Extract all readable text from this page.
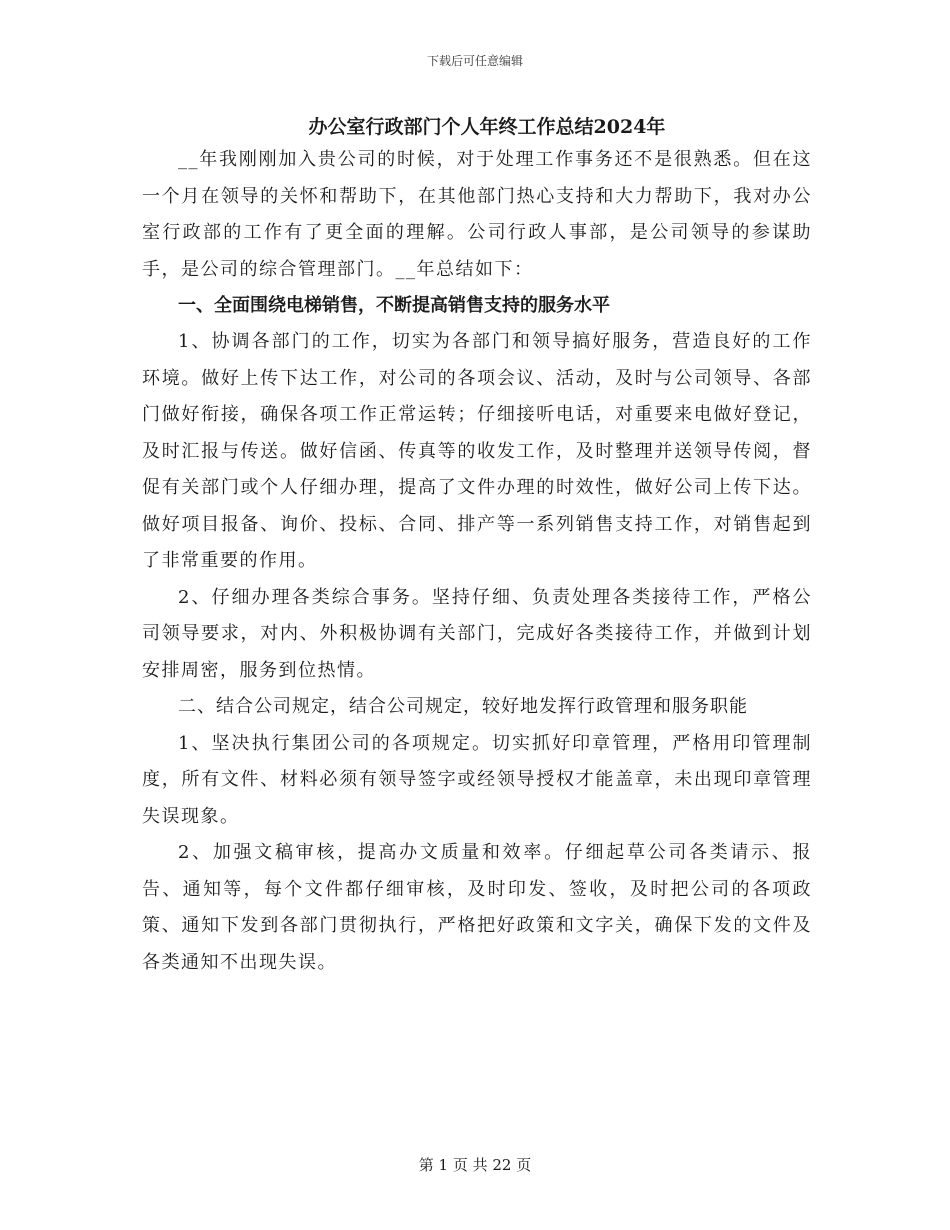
下载后可任意编辑
办公室行政部门个人年终工作总结2024年

__年我刚刚加入贵公司的时候，对于处理工作事务还不是很熟悉。但在这一个月在领导的关怀和帮助下，在其他部门热心支持和大力帮助下，我对办公室行政部的工作有了更全面的理解。公司行政人事部，是公司领导的参谋助手，是公司的综合管理部门。__年总结如下：

一、全面围绕电梯销售，不断提高销售支持的服务水平

1、协调各部门的工作，切实为各部门和领导搞好服务，营造良好的工作环境。做好上传下达工作，对公司的各项会议、活动，及时与公司领导、各部门做好衔接，确保各项工作正常运转；仔细接听电话，对重要来电做好登记，及时汇报与传送。做好信函、传真等的收发工作，及时整理并送领导传阅，督促有关部门或个人仔细办理，提高了文件办理的时效性，做好公司上传下达。做好项目报备、询价、投标、合同、排产等一系列销售支持工作，对销售起到了非常重要的作用。

2、仔细办理各类综合事务。坚持仔细、负责处理各类接待工作，严格公司领导要求，对内、外积极协调有关部门，完成好各类接待工作，并做到计划安排周密，服务到位热情。

二、结合公司规定，结合公司规定，较好地发挥行政管理和服务职能

1、坚决执行集团公司的各项规定。切实抓好印章管理，严格用印管理制度，所有文件、材料必须有领导签字或经领导授权才能盖章，未出现印章管理失误现象。

2、加强文稿审核，提高办文质量和效率。仔细起草公司各类请示、报告、通知等，每个文件都仔细审核，及时印发、签收，及时把公司的各项政策、通知下发到各部门贯彻执行，严格把好政策和文字关，确保下发的文件及各类通知不出现失误。

第 1 页 共 22 页
